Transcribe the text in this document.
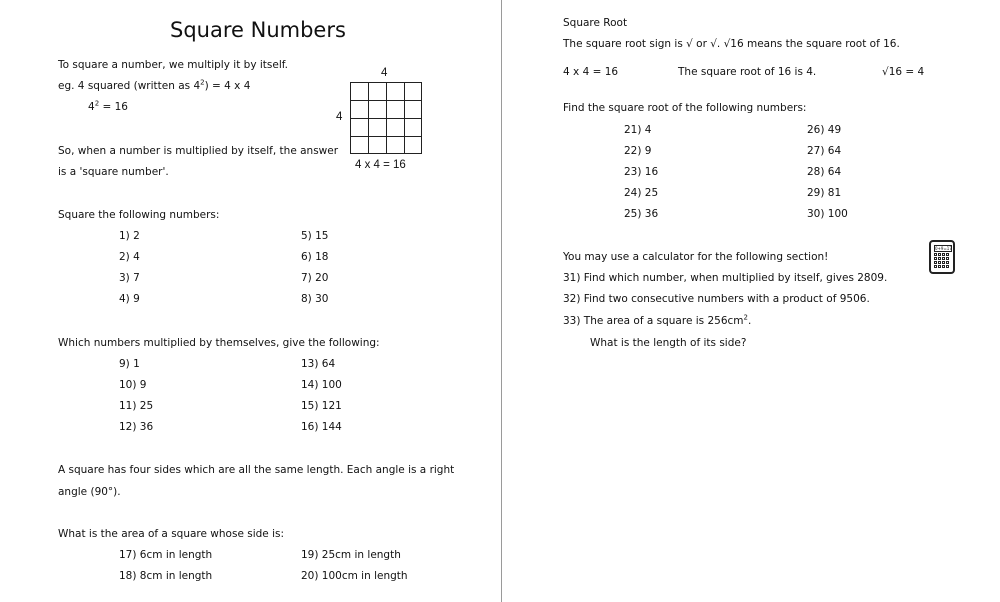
Square Numbers
To square a number, we multiply it by itself.
eg. 4 squared (written as $4^2) = 4$ x 4
$4^2 = 16$
4
4
4 x 4 = 16
So, when a number is multiplied by itself, the answer
is a 'square number'.
Square the following numbers:
1) 2
2) 4
3) 7
4) 9
5) 15
6) 18
7) 20
8) 30
Which numbers multiplied by themselves, give the following:
9) 1
10) 9
11) 25
12) 36
13) 64
14) 100
15) 121
16) 144
A square has four sides which are all the same length. Each angle is a right
angle (90°).
What is the area of a square whose side is:
17) 6cm in length
18) 8cm in length
19) 25cm in length
20) 100cm in length
Square Root
The square root sign is √ or √. √16 means the square root of 16.
4 x 4 = 16	The square root of 16 is 4.	√16 = 4
Find the square root of the following numbers:
21) 4
22) 9
23) 16
24) 25
25) 36
26) 49
27) 64
28) 64
29) 81
30) 100
You may use a calculator for the following section!
31) Find which number, when multiplied by itself, gives 2809.
32) Find two consecutive numbers with a product of 9506.
33) The area of a square is $256cm^2$.
What is the length of its side?
0+9=17
